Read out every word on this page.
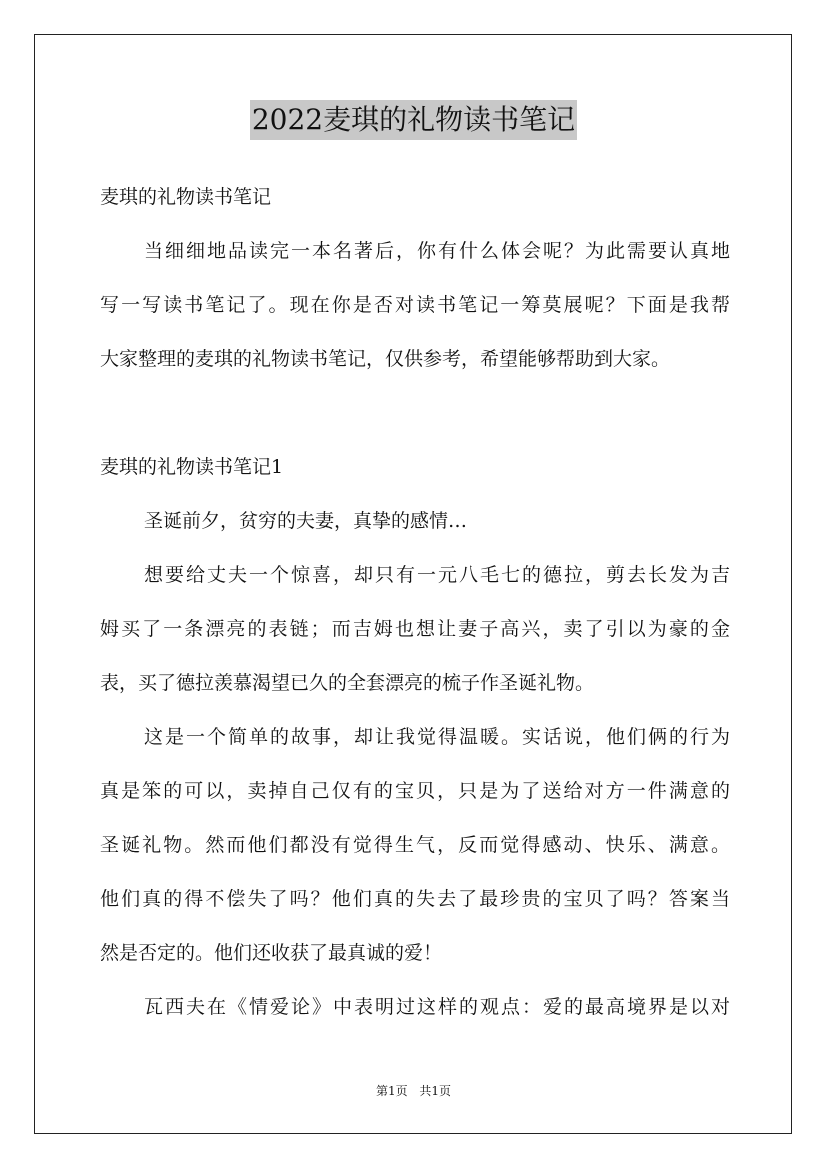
2022麦琪的礼物读书笔记
麦琪的礼物读书笔记
当细细地品读完一本名著后，你有什么体会呢？为此需要认真地
写一写读书笔记了。现在你是否对读书笔记一筹莫展呢？下面是我帮
大家整理的麦琪的礼物读书笔记，仅供参考，希望能够帮助到大家。
麦琪的礼物读书笔记1
圣诞前夕，贫穷的夫妻，真挚的感情…
想要给丈夫一个惊喜，却只有一元八毛七的德拉，剪去长发为吉
姆买了一条漂亮的表链；而吉姆也想让妻子高兴，卖了引以为豪的金
表，买了德拉羡慕渴望已久的全套漂亮的梳子作圣诞礼物。
这是一个简单的故事，却让我觉得温暖。实话说，他们俩的行为
真是笨的可以，卖掉自己仅有的宝贝，只是为了送给对方一件满意的
圣诞礼物。然而他们都没有觉得生气，反而觉得感动、快乐、满意。
他们真的得不偿失了吗？他们真的失去了最珍贵的宝贝了吗？答案当
然是否定的。他们还收获了最真诚的爱！
瓦西夫在《情爱论》中表明过这样的观点：爱的最高境界是以对
第1页 共1页
